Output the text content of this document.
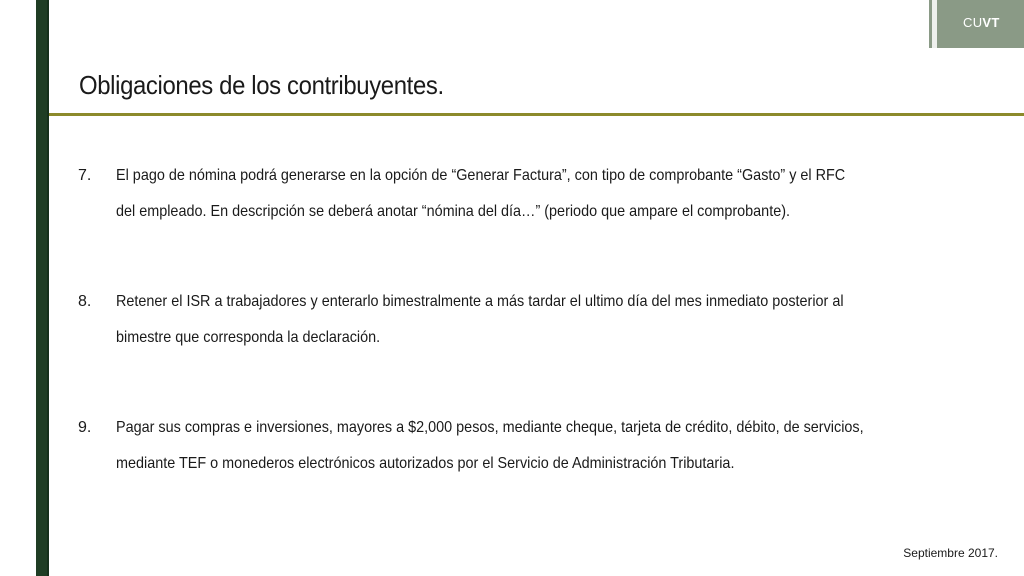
CUVT
Obligaciones de los contribuyentes.
7.	El pago de nómina podrá generarse en la opción de “Generar Factura”, con tipo de comprobante “Gasto” y el RFC del empleado. En descripción se deberá anotar “nómina del día…” (periodo que ampare el comprobante).
8.	Retener el ISR a trabajadores y enterarlo bimestralmente a más tardar el ultimo día del mes inmediato posterior al bimestre que corresponda la declaración.
9.	Pagar sus compras e inversiones, mayores a $2,000 pesos, mediante cheque, tarjeta de crédito, débito, de servicios, mediante TEF o monederos electrónicos autorizados por el Servicio de Administración Tributaria.
Septiembre 2017.
